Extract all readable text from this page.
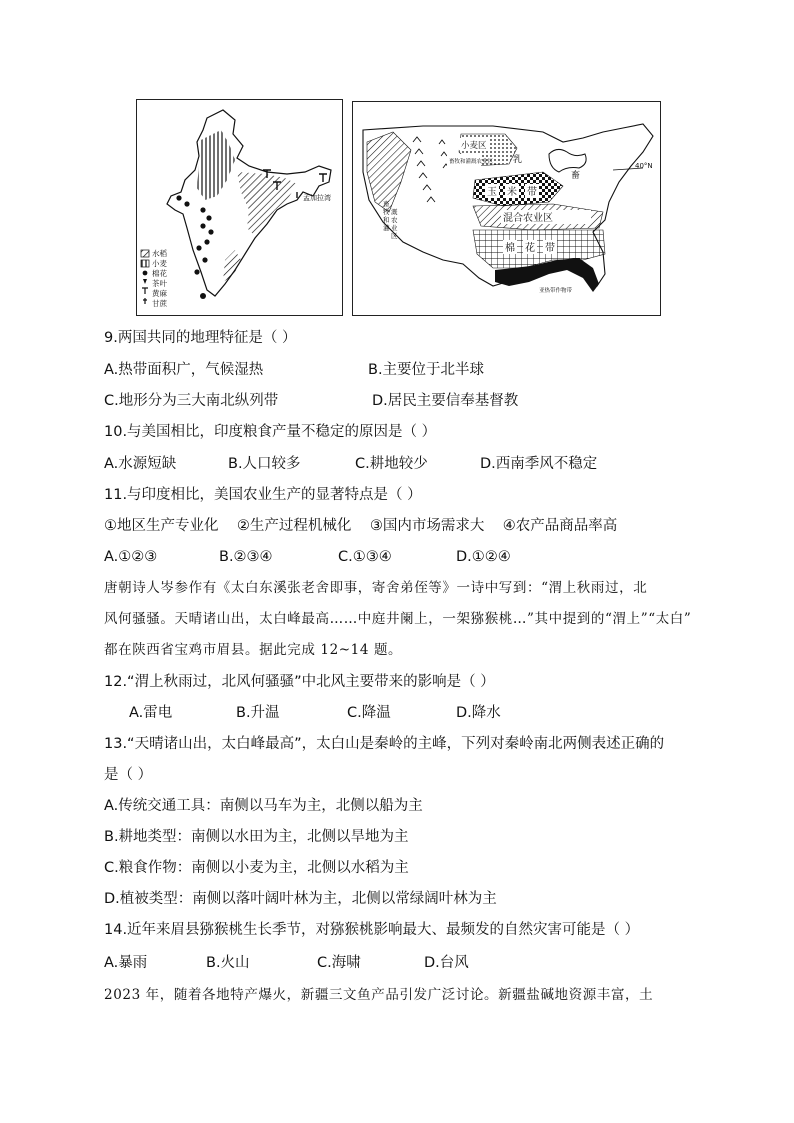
孟加拉湾
水稻
小麦
棉花
茶叶
黄麻
甘蔗
小麦区
乳
畜
玉 米 带
混合农业区
棉 花 带
畜牧和灌溉农业区
畜
牧
和
灌
溉
农
业
区
亚热带作物带
40°N
9.两国共同的地理特征是（ ）
A.热带面积广，气候湿热	B.主要位于北半球
C.地形分为三大南北纵列带	D.居民主要信奉基督教
10.与美国相比，印度粮食产量不稳定的原因是（ ）
A.水源短缺	B.人口较多	C.耕地较少	D.西南季风不稳定
11.与印度相比，美国农业生产的显著特点是（ ）
①地区生产专业化    ②生产过程机械化    ③国内市场需求大    ④农产品商品率高
A.①②③	B.②③④	C.①③④	D.①②④
唐朝诗人岑参作有《太白东溪张老舍即事，寄舍弟侄等》一诗中写到：“渭上秋雨过，北
风何骚骚。天晴诸山出，太白峰最高……中庭井阑上，一架猕猴桃…”其中提到的“渭上”“太白”
都在陕西省宝鸡市眉县。据此完成 12~14 题。
12.“渭上秋雨过，北风何骚骚”中北风主要带来的影响是（ ）
A.雷电	B.升温	C.降温	D.降水
13.“天晴诸山出，太白峰最高”，太白山是秦岭的主峰，下列对秦岭南北两侧表述正确的
是（ ）
A.传统交通工具：南侧以马车为主，北侧以船为主
B.耕地类型：南侧以水田为主，北侧以旱地为主
C.粮食作物：南侧以小麦为主，北侧以水稻为主
D.植被类型：南侧以落叶阔叶林为主，北侧以常绿阔叶林为主
14.近年来眉县猕猴桃生长季节，对猕猴桃影响最大、最频发的自然灾害可能是（ ）
A.暴雨	B.火山	C.海啸	D.台风
2023 年，随着各地特产爆火，新疆三文鱼产品引发广泛讨论。新疆盐碱地资源丰富，土
